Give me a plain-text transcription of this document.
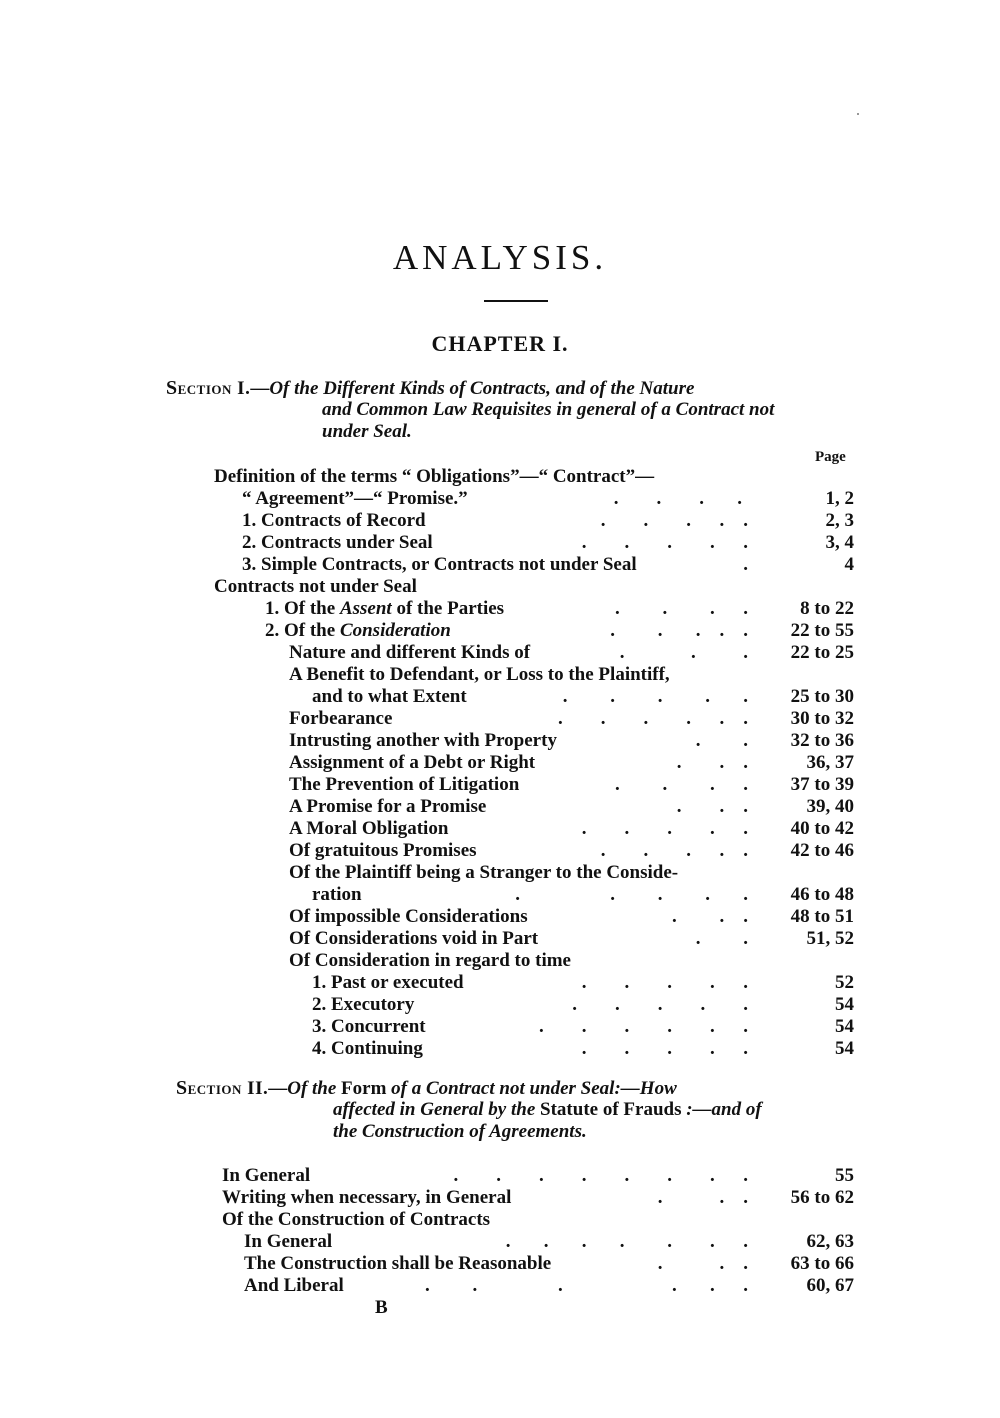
ANALYSIS.
CHAPTER I.
Section I.—Of the Different Kinds of Contracts, and of the Nature
and Common Law Requisites in general of a Contract not
under Seal.
Page
Definition of the terms “ Obligations”—“ Contract”—
“ Agreement”—“ Promise.”	.        .        .       .	1, 2
1. Contracts of Record	.        .        .      .    .	2, 3
2. Contracts under Seal	.        .        .        .      .	3, 4
3. Simple Contracts, or Contracts not under Seal	.	4
Contracts not under Seal
1. Of the Assent of the Parties	.         .         .      .	8 to 22
2. Of the Consideration	.         .       .    .    . 22 to 55
Nature and different Kinds of	.              .          . 22 to 25
A Benefit to Defendant, or Loss to the Plaintiff,
and to what Extent	.         .         .         .       . 25 to 30
Forbearance	.        .        .        .      .    . 30 to 32
Intrusting another with Property	.         . 32 to 36
Assignment of a Debt or Right	.        .    .	36, 37
The Prevention of Litigation	.         .         .      . 37 to 39
A Promise for a Promise	.        .    .	39, 40
A Moral Obligation	.        .        .        .      . 40 to 42
Of gratuitous Promises	.        .        .      .    . 42 to 46
Of the Plaintiff being a Stranger to the Conside-
ration	.                   .         .         .       . 46 to 48
Of impossible Considerations	.         .    . 48 to 51
Of Considerations void in Part	.         .	51, 52
Of Consideration in regard to time
1. Past or executed	.        .        .        .      .	52
2. Executory	.        .        .        .        .	54
3. Concurrent	.        .        .        .        .      .	54
4. Continuing	.        .        .        .      .	54
Section II.—Of the Form of a Contract not under Seal:—How
affected in General by the Statute of Frauds :—and of
the Construction of Agreements.
In General	.        .        .        .        .        .        .      .	55
Writing when necessary, in General	.            .    . 56 to 62
Of the Construction of Contracts
In General	.       .       .       .         .        .      .	62, 63
The Construction shall be Reasonable	.            .    . 63 to 66
And Liberal	.         .                 .                       .       .      .	60, 67
B
